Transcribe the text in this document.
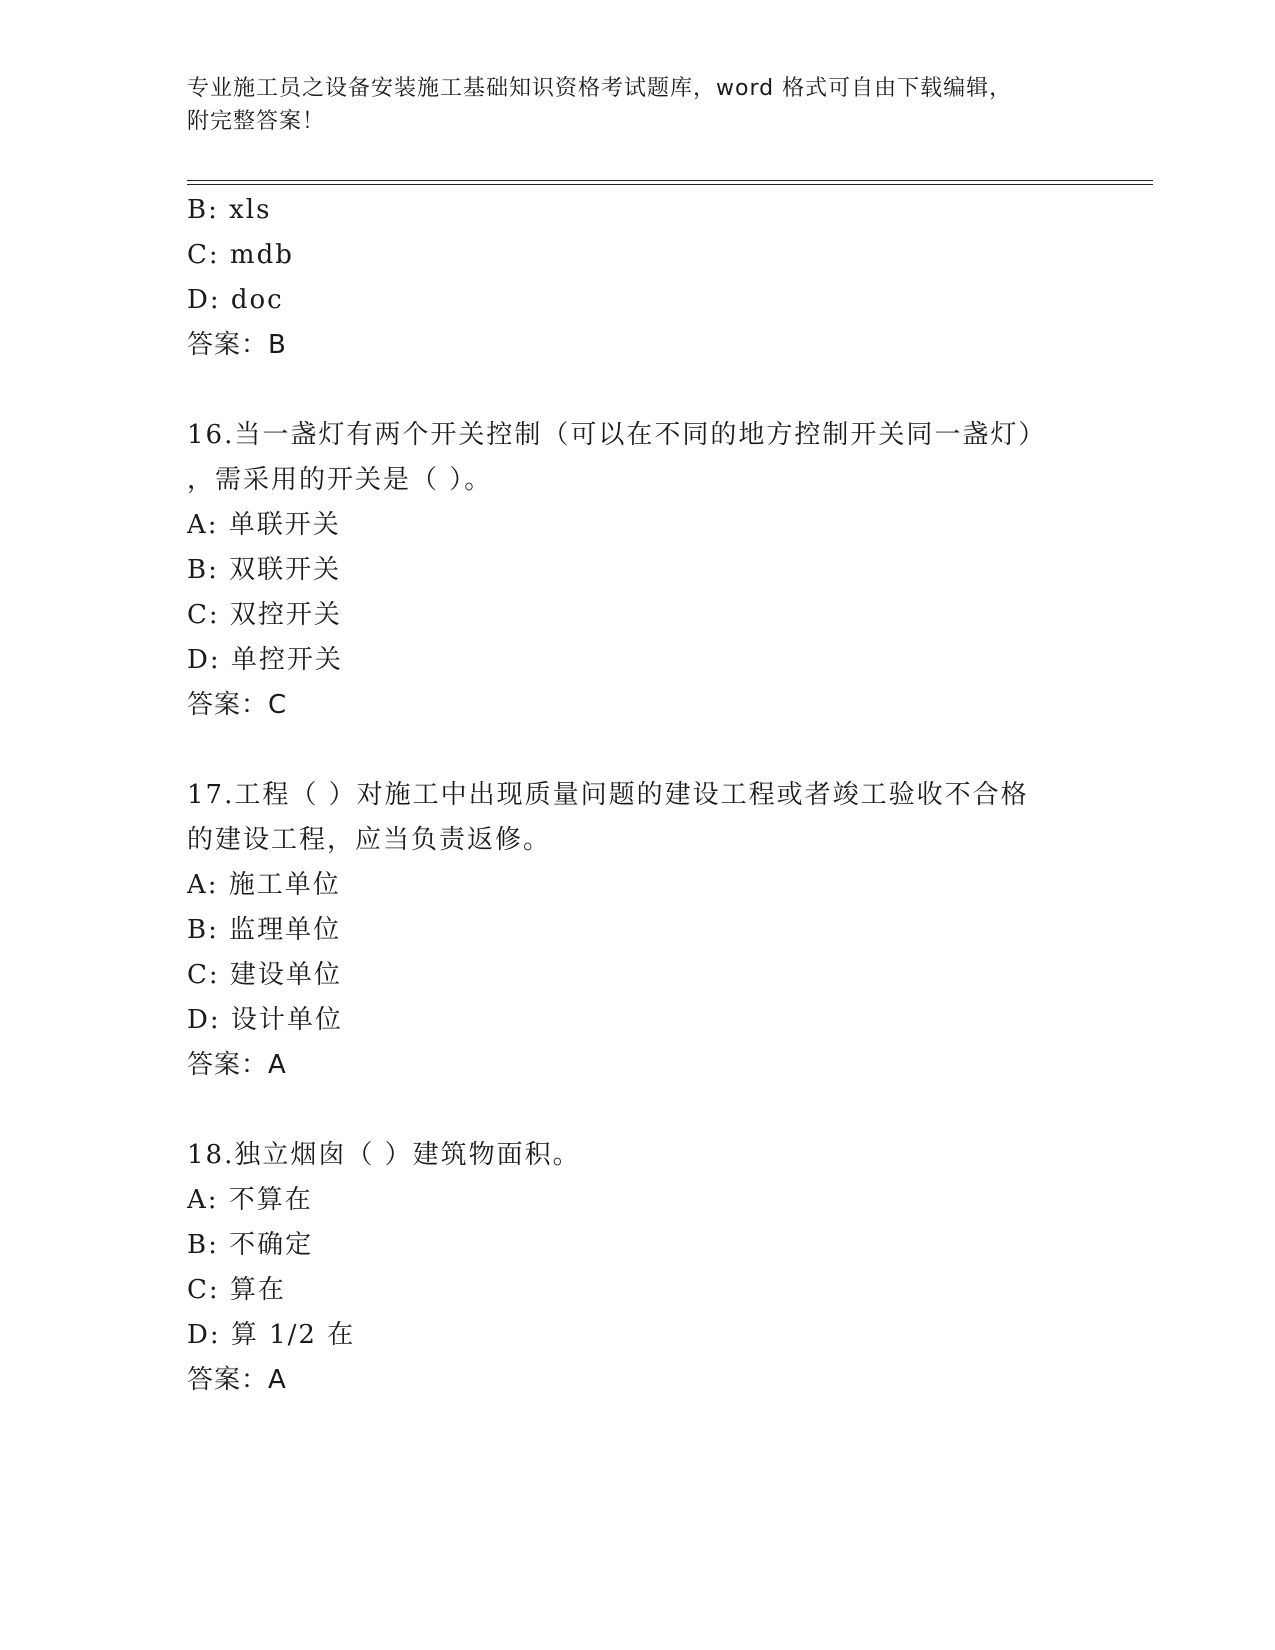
专业施工员之设备安装施工基础知识资格考试题库，word 格式可自由下载编辑，
附完整答案！
B: xls
C: mdb
D: doc
答案：B
16.当一盏灯有两个开关控制（可以在不同的地方控制开关同一盏灯）
，需采用的开关是（ ）。
A: 单联开关
B: 双联开关
C: 双控开关
D: 单控开关
答案：C
17.工程（ ）对施工中出现质量问题的建设工程或者竣工验收不合格
的建设工程，应当负责返修。
A: 施工单位
B: 监理单位
C: 建设单位
D: 设计单位
答案：A
18.独立烟囱（ ）建筑物面积。
A: 不算在
B: 不确定
C: 算在
D: 算 1/2 在
答案：A
